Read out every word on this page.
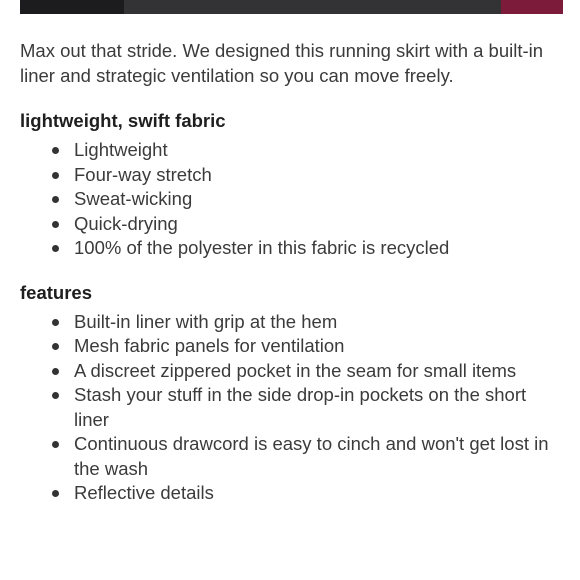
Max out that stride. We designed this running skirt with a built-in liner and strategic ventilation so you can move freely.

lightweight, swift fabric
Lightweight
Four-way stretch
Sweat-wicking
Quick-drying
100% of the polyester in this fabric is recycled
features
Built-in liner with grip at the hem
Mesh fabric panels for ventilation
A discreet zippered pocket in the seam for small items
Stash your stuff in the side drop-in pockets on the short liner
Continuous drawcord is easy to cinch and won't get lost in the wash
Reflective details
